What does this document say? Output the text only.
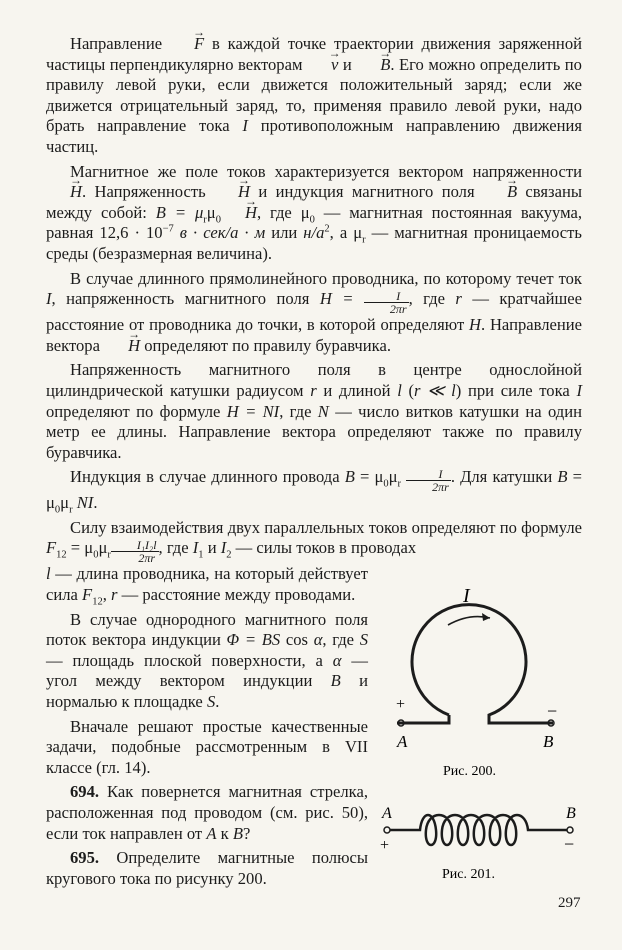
Направление → F в каждой точке траектории движения заряженной частицы перпендикулярно векторам → v и → B. Его можно определить по правилу левой руки, если движется положительный заряд; если же движется отрицательный заряд, то, применяя правило левой руки, надо брать направление тока I противоположным направлению движения частиц.

Магнитное же поле токов характеризуется вектором напряженности → H. Напряженность → H и индукция магнитного поля → B связаны между собой: $B = \mu_r\mu_0\to H$, где $\mu_0$ — магнитная постоянная вакуума, равная $12,6 \cdot 10^{-7}$ в · сек/а · м или $н/а^2$, а $\mu_r$ — магнитная проницаемость среды (безразмерная величина).

В случае длинного прямолинейного проводника, по которому течет ток I, напряженность магнитного поля $H = \frac{I}{2\pi r}$ , где r — кратчайшее расстояние от проводника до точки, в которой определяют H. Направление вектора → H определяют по правилу буравчика.

Напряженность магнитного поля в центре однослойной цилиндрической катушки радиусом r и длиной l (r ≪ l) при силе тока I определяют по формуле H = NI, где N — число витков катушки на один метр ее длины. Направление вектора определяют также по правилу буравчика.

Индукция в случае длинного провода $B = \mu_0\mu_r \frac{I}{2\pi r}$ . Для катушки $B = \mu_0\mu_r$ NI.

Силу взаимодействия двух параллельных токов определяют по формуле $F_{12} = \mu_0\mu_r \frac{\text{I₁I₂l}}{2\pi r}$ , где $I_1$ и $I_2$ — силы токов в проводах

l — длина проводника, на который действует сила $F_{12}$, r — расстояние между проводами.

В случае однородного магнитного поля поток вектора индукции Φ = BS cos α, где S — площадь плоской поверхности, а α — угол между вектором индукции B и нормалью к площадке S.

Вначале решают простые качественные задачи, подобные рассмотренным в VII классе (гл. 14).

694. Как повернется магнитная стрелка, расположенная под проводом (см. рис. 50), если ток направлен от A к B?

695. Определите магнитные полюсы кругового тока по рисунку 200.

I
+	−
A	B
Рис. 200.
A	B
+	−
Рис. 201.
297
